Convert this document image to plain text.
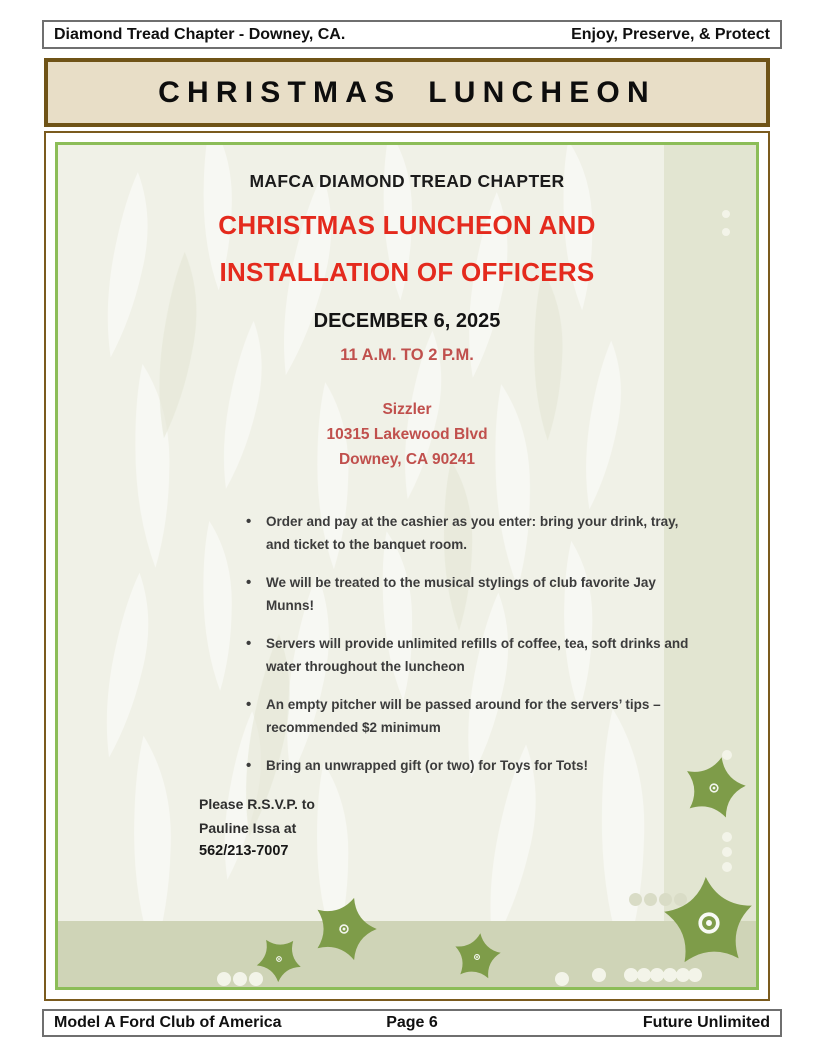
Diamond Tread Chapter - Downey, CA.	Enjoy, Preserve, & Protect
CHRISTMAS LUNCHEON
MAFCA DIAMOND TREAD CHAPTER
CHRISTMAS LUNCHEON AND
INSTALLATION OF OFFICERS
DECEMBER 6, 2025
11 A.M. TO 2 P.M.
Sizzler
10315 Lakewood Blvd
Downey, CA 90241
• Order and pay at the cashier as you enter: bring your drink, tray, and ticket to the banquet room.
• We will be treated to the musical stylings of club favorite Jay Munns!
• Servers will provide unlimited refills of coffee, tea, soft drinks and water throughout the luncheon
• An empty pitcher will be passed around for the servers’ tips – recommended $2 minimum
• Bring an unwrapped gift (or two) for Toys for Tots!
Please R.S.V.P. to
Pauline Issa at
562/213-7007
Model A Ford Club of America	Page 6	Future Unlimited
